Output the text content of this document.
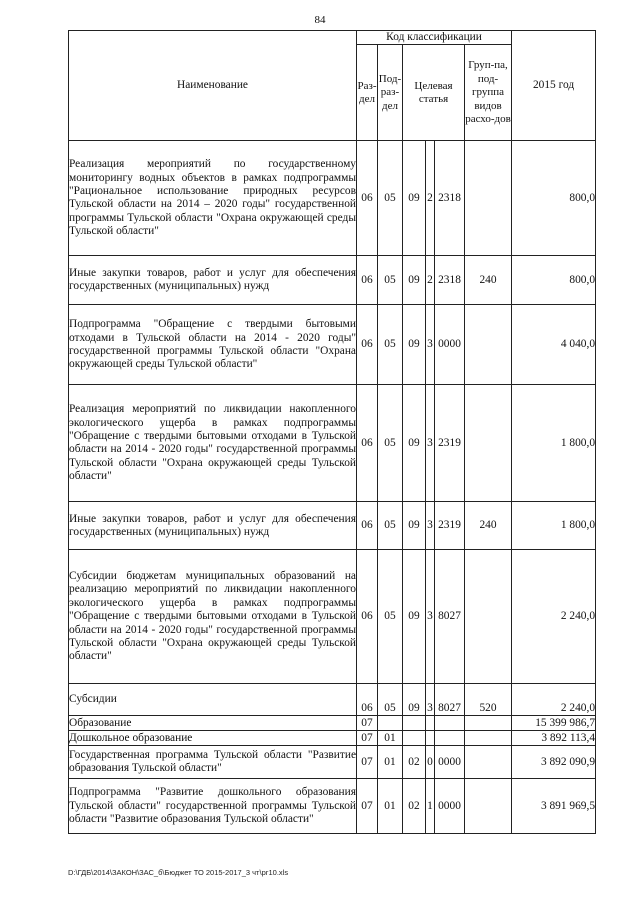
84
Наименование	Код классификации						2015 год
	Раз-дел	Под-раз-дел	Целевая статья			Груп-па, под-группа видов расхо-дов	
Реализация мероприятий по государственному мониторингу водных объектов в рамках подпрограммы "Рациональное использование природных ресурсов Тульской области на 2014 – 2020 годы" государственной программы Тульской области "Охрана окружающей среды Тульской области"	06	05	09	2	2318		800,0
Иные закупки товаров, работ и услуг для обеспечения государственных (муниципальных) нужд	06	05	09	2	2318	240	800,0
Подпрограмма "Обращение с твердыми бытовыми отходами в Тульской области на 2014 - 2020 годы" государственной программы Тульской области "Охрана окружающей среды Тульской области"	06	05	09	3	0000		4 040,0
Реализация мероприятий по ликвидации накопленного экологического ущерба в рамках подпрограммы "Обращение с твердыми бытовыми отходами в Тульской области на 2014 - 2020 годы" государственной программы Тульской области "Охрана окружающей среды Тульской области"	06	05	09	3	2319		1 800,0
Иные закупки товаров, работ и услуг для обеспечения государственных (муниципальных) нужд	06	05	09	3	2319	240	1 800,0
Субсидии бюджетам муниципальных образований на реализацию мероприятий по ликвидации накопленного экологического ущерба в рамках подпрограммы "Обращение с твердыми бытовыми отходами в Тульской области на 2014 - 2020 годы" государственной программы Тульской области "Охрана окружающей среды Тульской области"	06	05	09	3	8027		2 240,0
Субсидии	06	05	09	3	8027	520	2 240,0
Образование	07						15 399 986,7
Дошкольное образование	07	01					3 892 113,4
Государственная программа Тульской области "Развитие образования Тульской области"	07	01	02	0	0000		3 892 090,9
Подпрограмма "Развитие дошкольного образования Тульской области" государственной программы Тульской области "Развитие образования Тульской области"	07	01	02	1	0000		3 891 969,5
D:\ГДБ\2014\ЗАКОН\ЗАС_б\Бюджет ТО 2015-2017_3 чт\рг10.xls
